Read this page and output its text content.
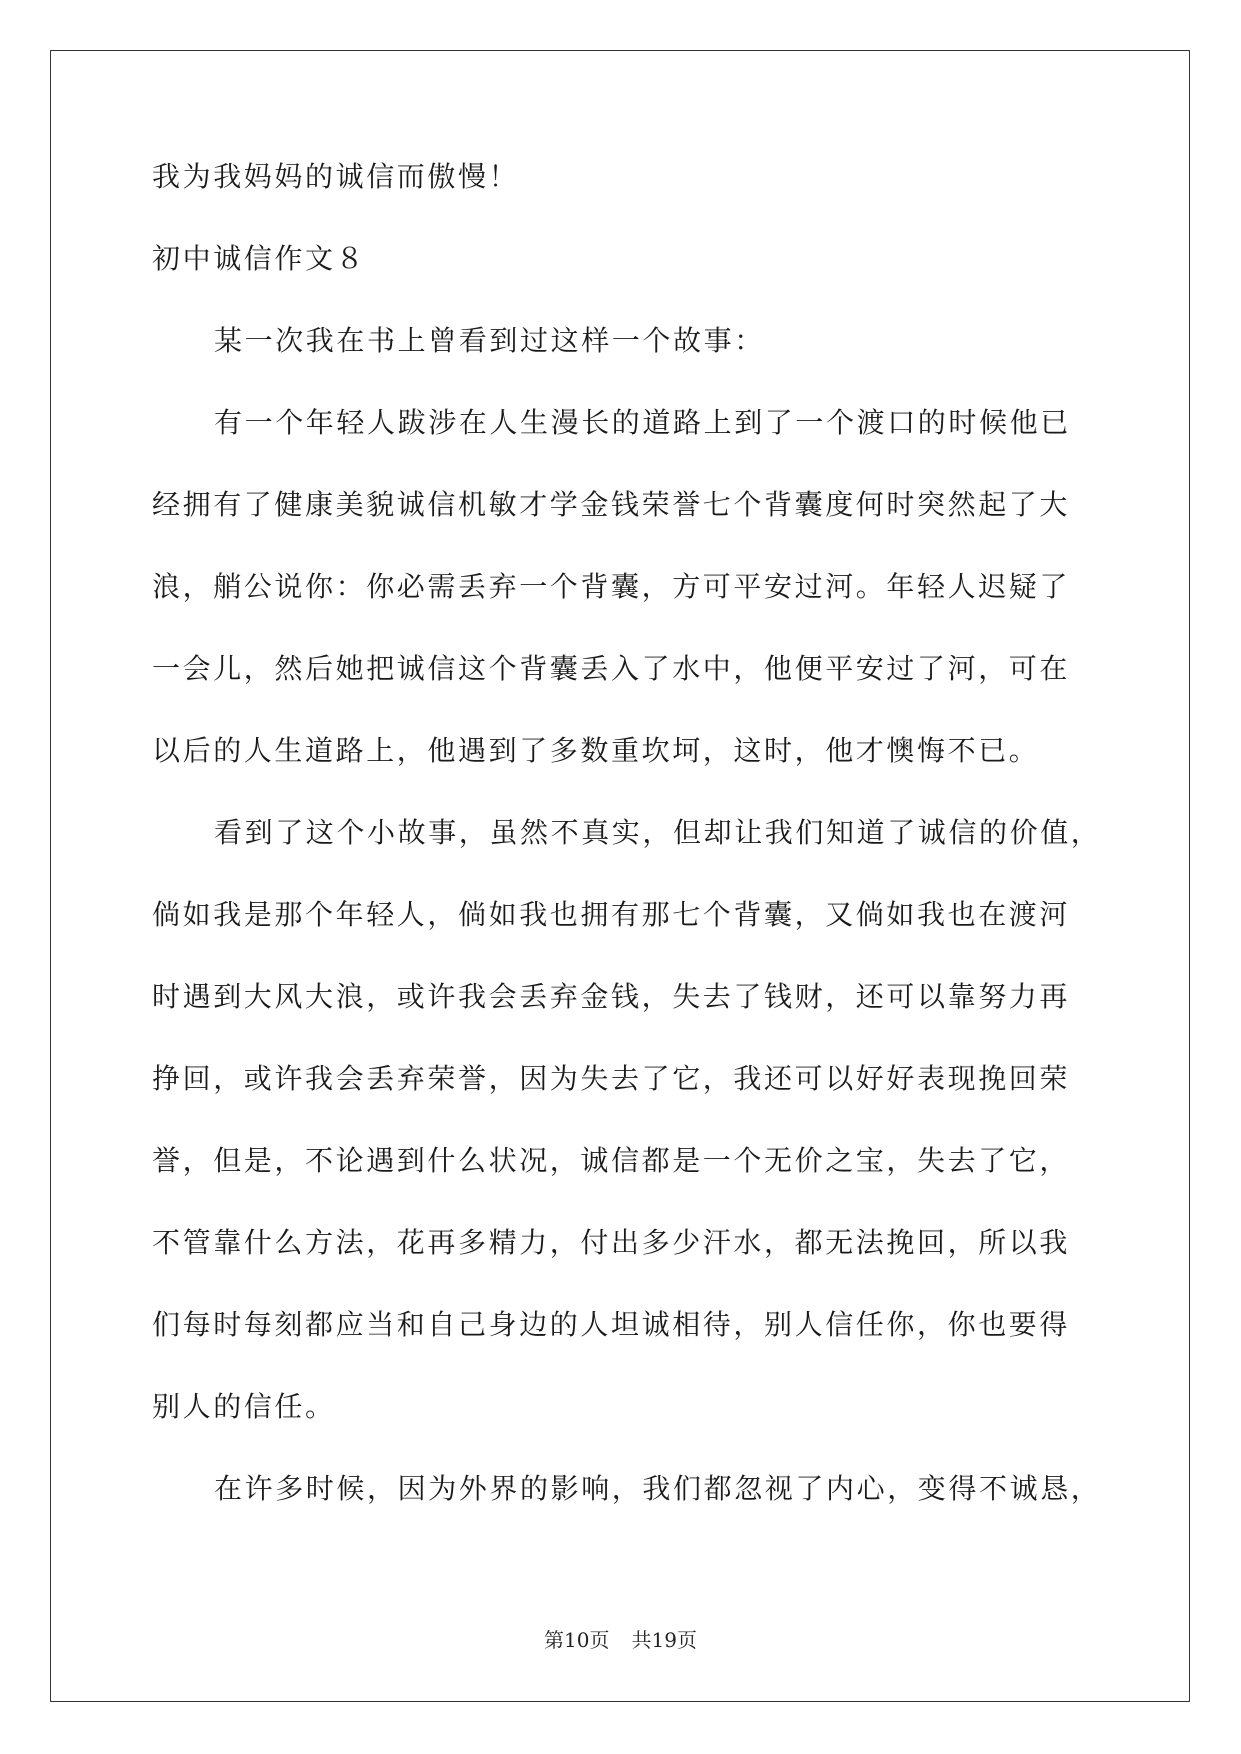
我为我妈妈的诚信而傲慢！
初中诚信作文８
某一次我在书上曾看到过这样一个故事：
有一个年轻人跋涉在人生漫长的道路上到了一个渡口的时候他已
经拥有了健康美貌诚信机敏才学金钱荣誉七个背囊度何时突然起了大
浪，艄公说你：你必需丢弃一个背囊，方可平安过河。年轻人迟疑了
一会儿，然后她把诚信这个背囊丢入了水中，他便平安过了河，可在
以后的人生道路上，他遇到了多数重坎坷，这时，他才懊悔不已。
看到了这个小故事，虽然不真实，但却让我们知道了诚信的价值，
倘如我是那个年轻人，倘如我也拥有那七个背囊，又倘如我也在渡河
时遇到大风大浪，或许我会丢弃金钱，失去了钱财，还可以靠努力再
挣回，或许我会丢弃荣誉，因为失去了它，我还可以好好表现挽回荣
誉，但是，不论遇到什么状况，诚信都是一个无价之宝，失去了它，
不管靠什么方法，花再多精力，付出多少汗水，都无法挽回，所以我
们每时每刻都应当和自己身边的人坦诚相待，别人信任你，你也要得
别人的信任。
在许多时候，因为外界的影响，我们都忽视了内心，变得不诚恳，
第10页 共19页
